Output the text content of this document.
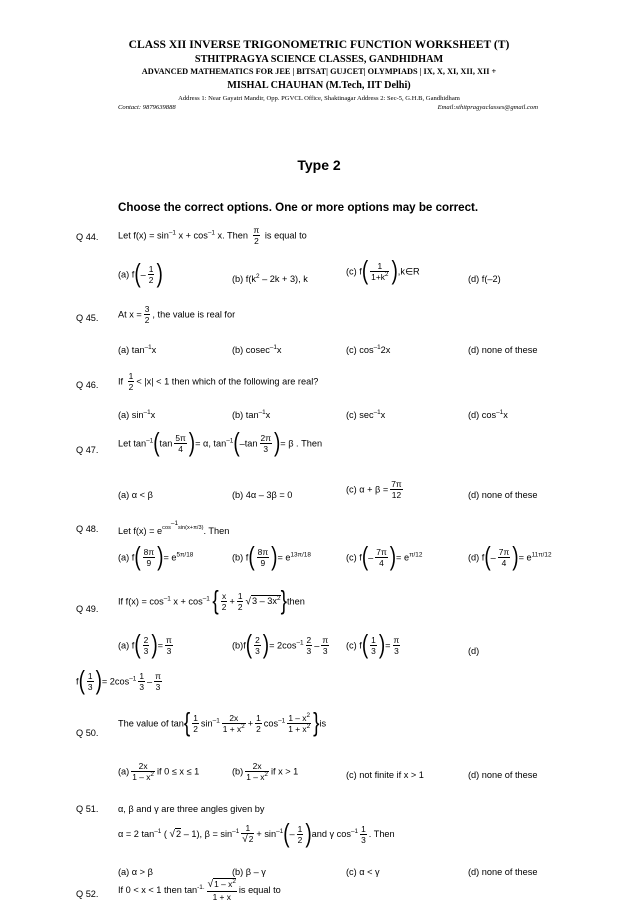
CLASS XII INVERSE TRIGONOMETRIC FUNCTION WORKSHEET (T)
STHITPRAGYA SCIENCE CLASSES, GANDHIDHAM
ADVANCED MATHEMATICS FOR JEE | BITSAT| GUJCET| OLYMPIADS | IX, X, XI, XII, XII +
MISHAL CHAUHAN (M.Tech, IIT Delhi)
Address 1: Near Gayatri Mandir, Opp. PGVCL Office, Shaktinagar Address 2: Sec-5, G.H.B, Gandhidham
Contact: 9879639888	Email:sthitpragyaclasses@gmail.com
Type 2
Choose the correct options. One or more options may be correct.
Q 44. Let $f(x) = \sin^{-1} x + \cos^{-1} x$. Then $\frac{\pi}{2}$ is equal to
(a) $f(- \frac{1}{2}$ )	(b) $f(k^2 - 2k + 3)$, k
(c) $f( \frac{1}{1+k^2}$ ),k∈R
(d) f(–2)
Q 45. At $x = \frac{3}{2}$ , the value is real for
(a) $\tan^{-1}x$	(b) cosec$^{-1}$x	(c) $\cos^{-1}2x$	(d) none of these
Q 46. If $\frac{1}{2} < |x| < 1$ then which of the following are real?
(a) $\sin^{-1}x$	(b) $\tan^{-1}x$	(c) $\sec^{-1}x$	(d) $\cos^{-1}x$
Q 47.
Let $\tan^{-1}(\tan \frac{5\pi}{4}$ )= α, $\tan^{-1}(-\tan \frac{2\pi}{3}$ )= β . Then
(a) α < β	(b) 4α – 3β = 0
(c) $\alpha + \beta = \frac{7\pi}{12}$	(d) none of these
Q 48. Let $f(x) = e^{cos^{-1}sin(x+\pi/3)}$. Then
(a) $f( \frac{8\pi}{9}$ )= $e^{5\pi/18}$	(b) $f( \frac{8\pi}{9}$ )= $e^{13\pi/18}$	(c) $f(- \frac{7\pi}{4}$ )= $e^{\pi/12}$	(d) $f(- \frac{7\pi}{4}$ )= $e^{11\pi/12}$
Q 49.
If $f(x) = \cos^{-1} x + \cos^{-1}$ { $\frac{x}{2} + \frac{1}{2} √3$ – $3x^2\}then$
(a) $f( \frac{2}{3}$ )= $\frac{\pi}{3}$	$(b)f( \frac{2}{3}$ )= $2\cos^{-1} \frac{2}{3} - \frac{\pi}{3} (c)$ $f( \frac{1}{3}$ )= $\frac{\pi}{3}$	(d)
$f( \frac{1}{3}$ )= $2\cos^{-1} \frac{1}{3} - \frac{\pi}{3}$
Q 50.
The value of $\tan\{ \frac{1}{2} \sin^{-1} \frac{2x}{1 + x^2} + \frac{1}{2} \cos^{-1} \frac{1 - x^2}{1 + x^2} \}is$
$(a) \frac{2x}{1 - x^2}$ if 0 ≤ x ≤ 1	$(b) \frac{2x}{1 - x^2}$ if x > 1	(c) not finite if x > 1	(d) none of these
Q 51. α, β and γ are three angles given by
α = 2 $\tan^{-1}$ ( √2 – 1), $\beta = \sin^{-1} \frac{1}{√2} + \sin^{-1}(- \frac{1}{2} )and$ γ $\cos^{-1} \frac{1}{3}$ . Then
(a) α > β	(b) β – γ	(c) α < γ	(d) none of these
Q 52. If 0 < x < 1 then $\tan^{-1.} \frac{√1 - x^2}{1 + x}$ is equal to
